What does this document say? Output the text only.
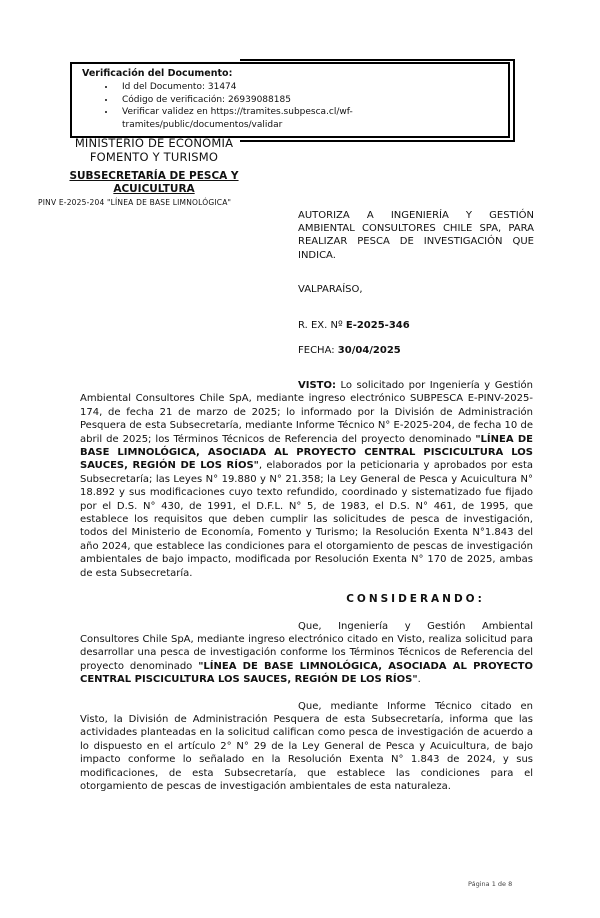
Verificación del Documento:
• Id del Documento: 31474
• Código de verificación: 26939088185
• Verificar validez en https://tramites.subpesca.cl/wf-tramites/public/documentos/validar
MINISTERIO DE ECONOMÍA
FOMENTO Y TURISMO
SUBSECRETARÍA DE PESCA Y ACUICULTURA
PINV E-2025-204 "LÍNEA DE BASE LIMNOLÓGICA"
AUTORIZA A INGENIERÍA Y GESTIÓN AMBIENTAL CONSULTORES CHILE SPA, PARA REALIZAR PESCA DE INVESTIGACIÓN QUE INDICA.
VALPARAÍSO,
R. EX. Nº E-2025-346
FECHA: 30/04/2025

VISTO: Lo solicitado por Ingeniería y Gestión Ambiental Consultores Chile SpA, mediante ingreso electrónico SUBPESCA E-PINV-2025-174, de fecha 21 de marzo de 2025; lo informado por la División de Administración Pesquera de esta Subsecretaría, mediante Informe Técnico N° E-2025-204, de fecha 10 de abril de 2025; los Términos Técnicos de Referencia del proyecto denominado "LÍNEA DE BASE LIMNOLÓGICA, ASOCIADA AL PROYECTO CENTRAL PISCICULTURA LOS SAUCES, REGIÓN DE LOS RÍOS", elaborados por la peticionaria y aprobados por esta Subsecretaría; las Leyes N° 19.880 y N° 21.358; la Ley General de Pesca y Acuicultura N° 18.892 y sus modificaciones cuyo texto refundido, coordinado y sistematizado fue fijado por el D.S. N° 430, de 1991, el D.F.L. N° 5, de 1983, el D.S. N° 461, de 1995, que establece los requisitos que deben cumplir las solicitudes de pesca de investigación, todos del Ministerio de Economía, Fomento y Turismo; la Resolución Exenta N°1.843 del año 2024, que establece las condiciones para el otorgamiento de pescas de investigación ambientales de bajo impacto, modificada por Resolución Exenta N° 170 de 2025, ambas de esta Subsecretaría.

CONSIDERANDO:

Que, Ingeniería y Gestión Ambiental Consultores Chile SpA, mediante ingreso electrónico citado en Visto, realiza solicitud para desarrollar una pesca de investigación conforme los Términos Técnicos de Referencia del proyecto denominado "LÍNEA DE BASE LIMNOLÓGICA, ASOCIADA AL PROYECTO CENTRAL PISCICULTURA LOS SAUCES, REGIÓN DE LOS RÍOS".

Que, mediante Informe Técnico citado en Visto, la División de Administración Pesquera de esta Subsecretaría, informa que las actividades planteadas en la solicitud califican como pesca de investigación de acuerdo a lo dispuesto en el artículo 2° N° 29 de la Ley General de Pesca y Acuicultura, de bajo impacto conforme lo señalado en la Resolución Exenta N° 1.843 de 2024, y sus modificaciones, de esta Subsecretaría, que establece las condiciones para el otorgamiento de pescas de investigación ambientales de esta naturaleza.

Página 1 de 8
